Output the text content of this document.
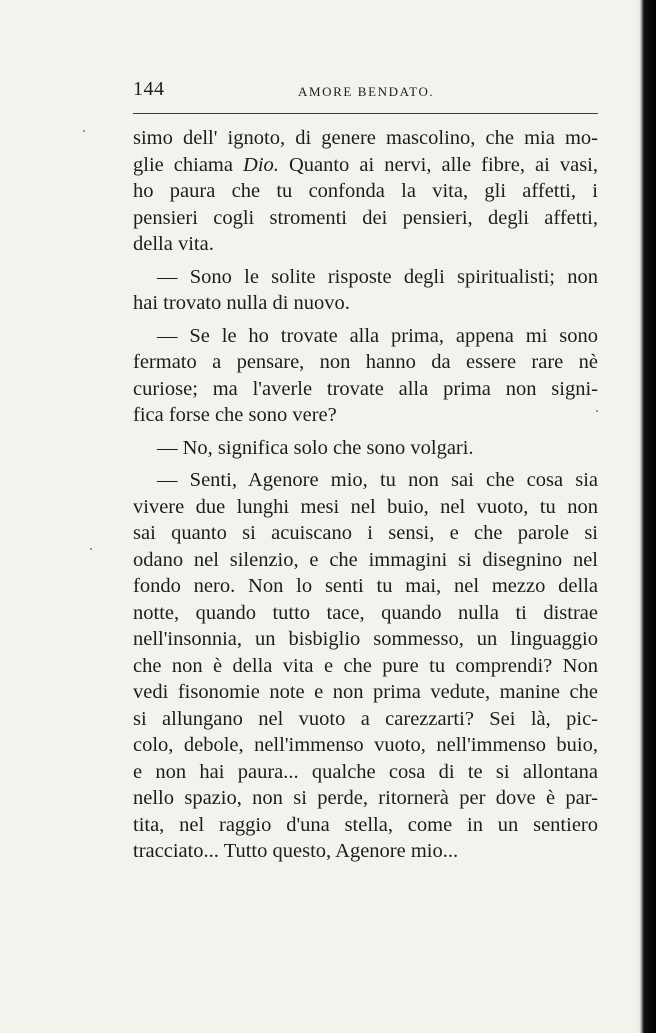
144	AMORE BENDATO.
simo dell' ignoto, di genere mascolino, che mia mo-
glie chiama Dio. Quanto ai nervi, alle fibre, ai vasi,
ho paura che tu confonda la vita, gli affetti, i
pensieri cogli stromenti dei pensieri, degli affetti,
della vita.
— Sono le solite risposte degli spiritualisti; non
hai trovato nulla di nuovo.
— Se le ho trovate alla prima, appena mi sono
fermato a pensare, non hanno da essere rare nè
curiose; ma l'averle trovate alla prima non signi-
fica forse che sono vere?
— No, significa solo che sono volgari.
— Senti, Agenore mio, tu non sai che cosa sia
vivere due lunghi mesi nel buio, nel vuoto, tu non
sai quanto si acuiscano i sensi, e che parole si
odano nel silenzio, e che immagini si disegnino nel
fondo nero. Non lo senti tu mai, nel mezzo della
notte, quando tutto tace, quando nulla ti distrae
nell'insonnia, un bisbiglio sommesso, un linguaggio
che non è della vita e che pure tu comprendi? Non
vedi fisonomie note e non prima vedute, manine che
si allungano nel vuoto a carezzarti? Sei là, pic-
colo, debole, nell'immenso vuoto, nell'immenso buio,
e non hai paura... qualche cosa di te si allontana
nello spazio, non si perde, ritornerà per dove è par-
tita, nel raggio d'una stella, come in un sentiero
tracciato... Tutto questo, Agenore mio...
